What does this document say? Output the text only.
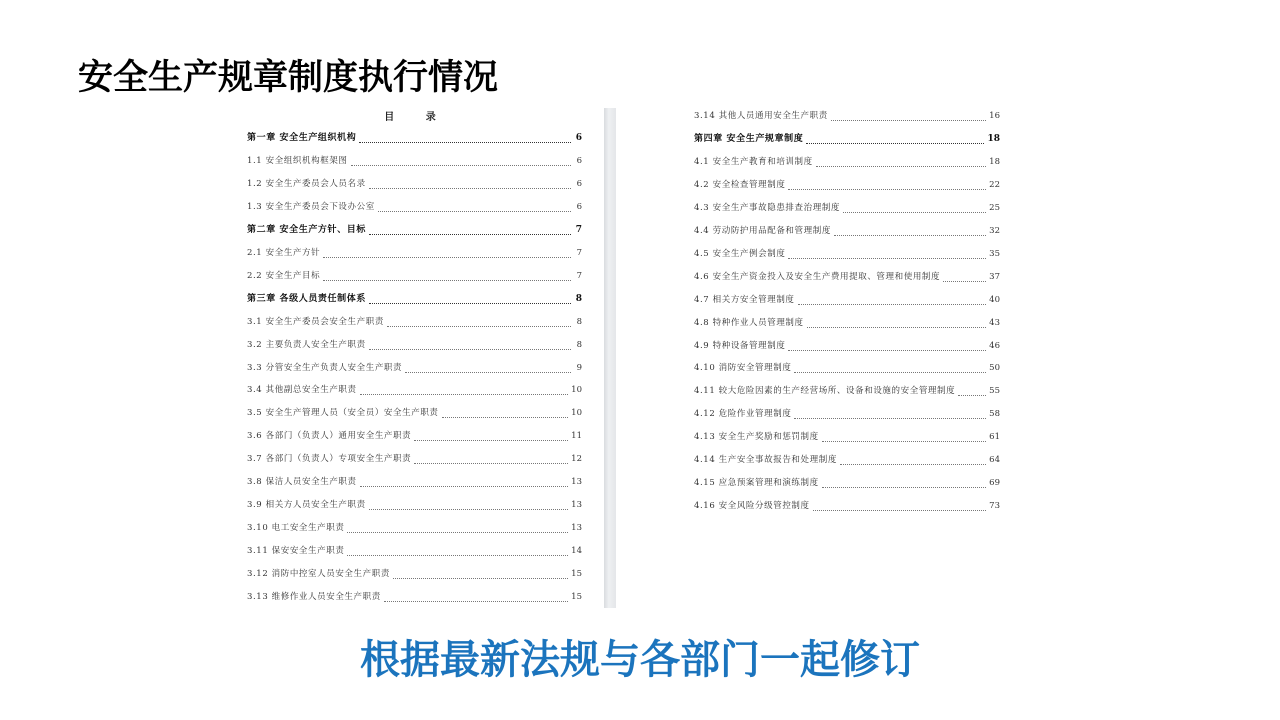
安全生产规章制度执行情况
目 录
第一章 安全生产组织机构	6
1.1 安全组织机构框架图	6
1.2 安全生产委员会人员名录	6
1.3 安全生产委员会下设办公室	6
第二章 安全生产方针、目标	7
2.1 安全生产方针	7
2.2 安全生产目标	7
第三章 各级人员责任制体系	8
3.1 安全生产委员会安全生产职责	8
3.2 主要负责人安全生产职责	8
3.3 分管安全生产负责人安全生产职责	9
3.4 其他副总安全生产职责	10
3.5 安全生产管理人员（安全员）安全生产职责	10
3.6 各部门（负责人）通用安全生产职责	11
3.7 各部门（负责人）专项安全生产职责	12
3.8 保洁人员安全生产职责	13
3.9 相关方人员安全生产职责	13
3.10 电工安全生产职责	13
3.11 保安安全生产职责	14
3.12 消防中控室人员安全生产职责	15
3.13 维修作业人员安全生产职责	15
3.14 其他人员通用安全生产职责	16
第四章 安全生产规章制度	18
4.1 安全生产教育和培训制度	18
4.2 安全检查管理制度	22
4.3 安全生产事故隐患排查治理制度	25
4.4 劳动防护用品配备和管理制度	32
4.5 安全生产例会制度	35
4.6 安全生产资金投入及安全生产费用提取、管理和使用制度	37
4.7 相关方安全管理制度	40
4.8 特种作业人员管理制度	43
4.9 特种设备管理制度	46
4.10 消防安全管理制度	50
4.11 较大危险因素的生产经营场所、设备和设施的安全管理制度	55
4.12 危险作业管理制度	58
4.13 安全生产奖励和惩罚制度	61
4.14 生产安全事故报告和处理制度	64
4.15 应急预案管理和演练制度	69
4.16 安全风险分级管控制度	73
根据最新法规与各部门一起修订
